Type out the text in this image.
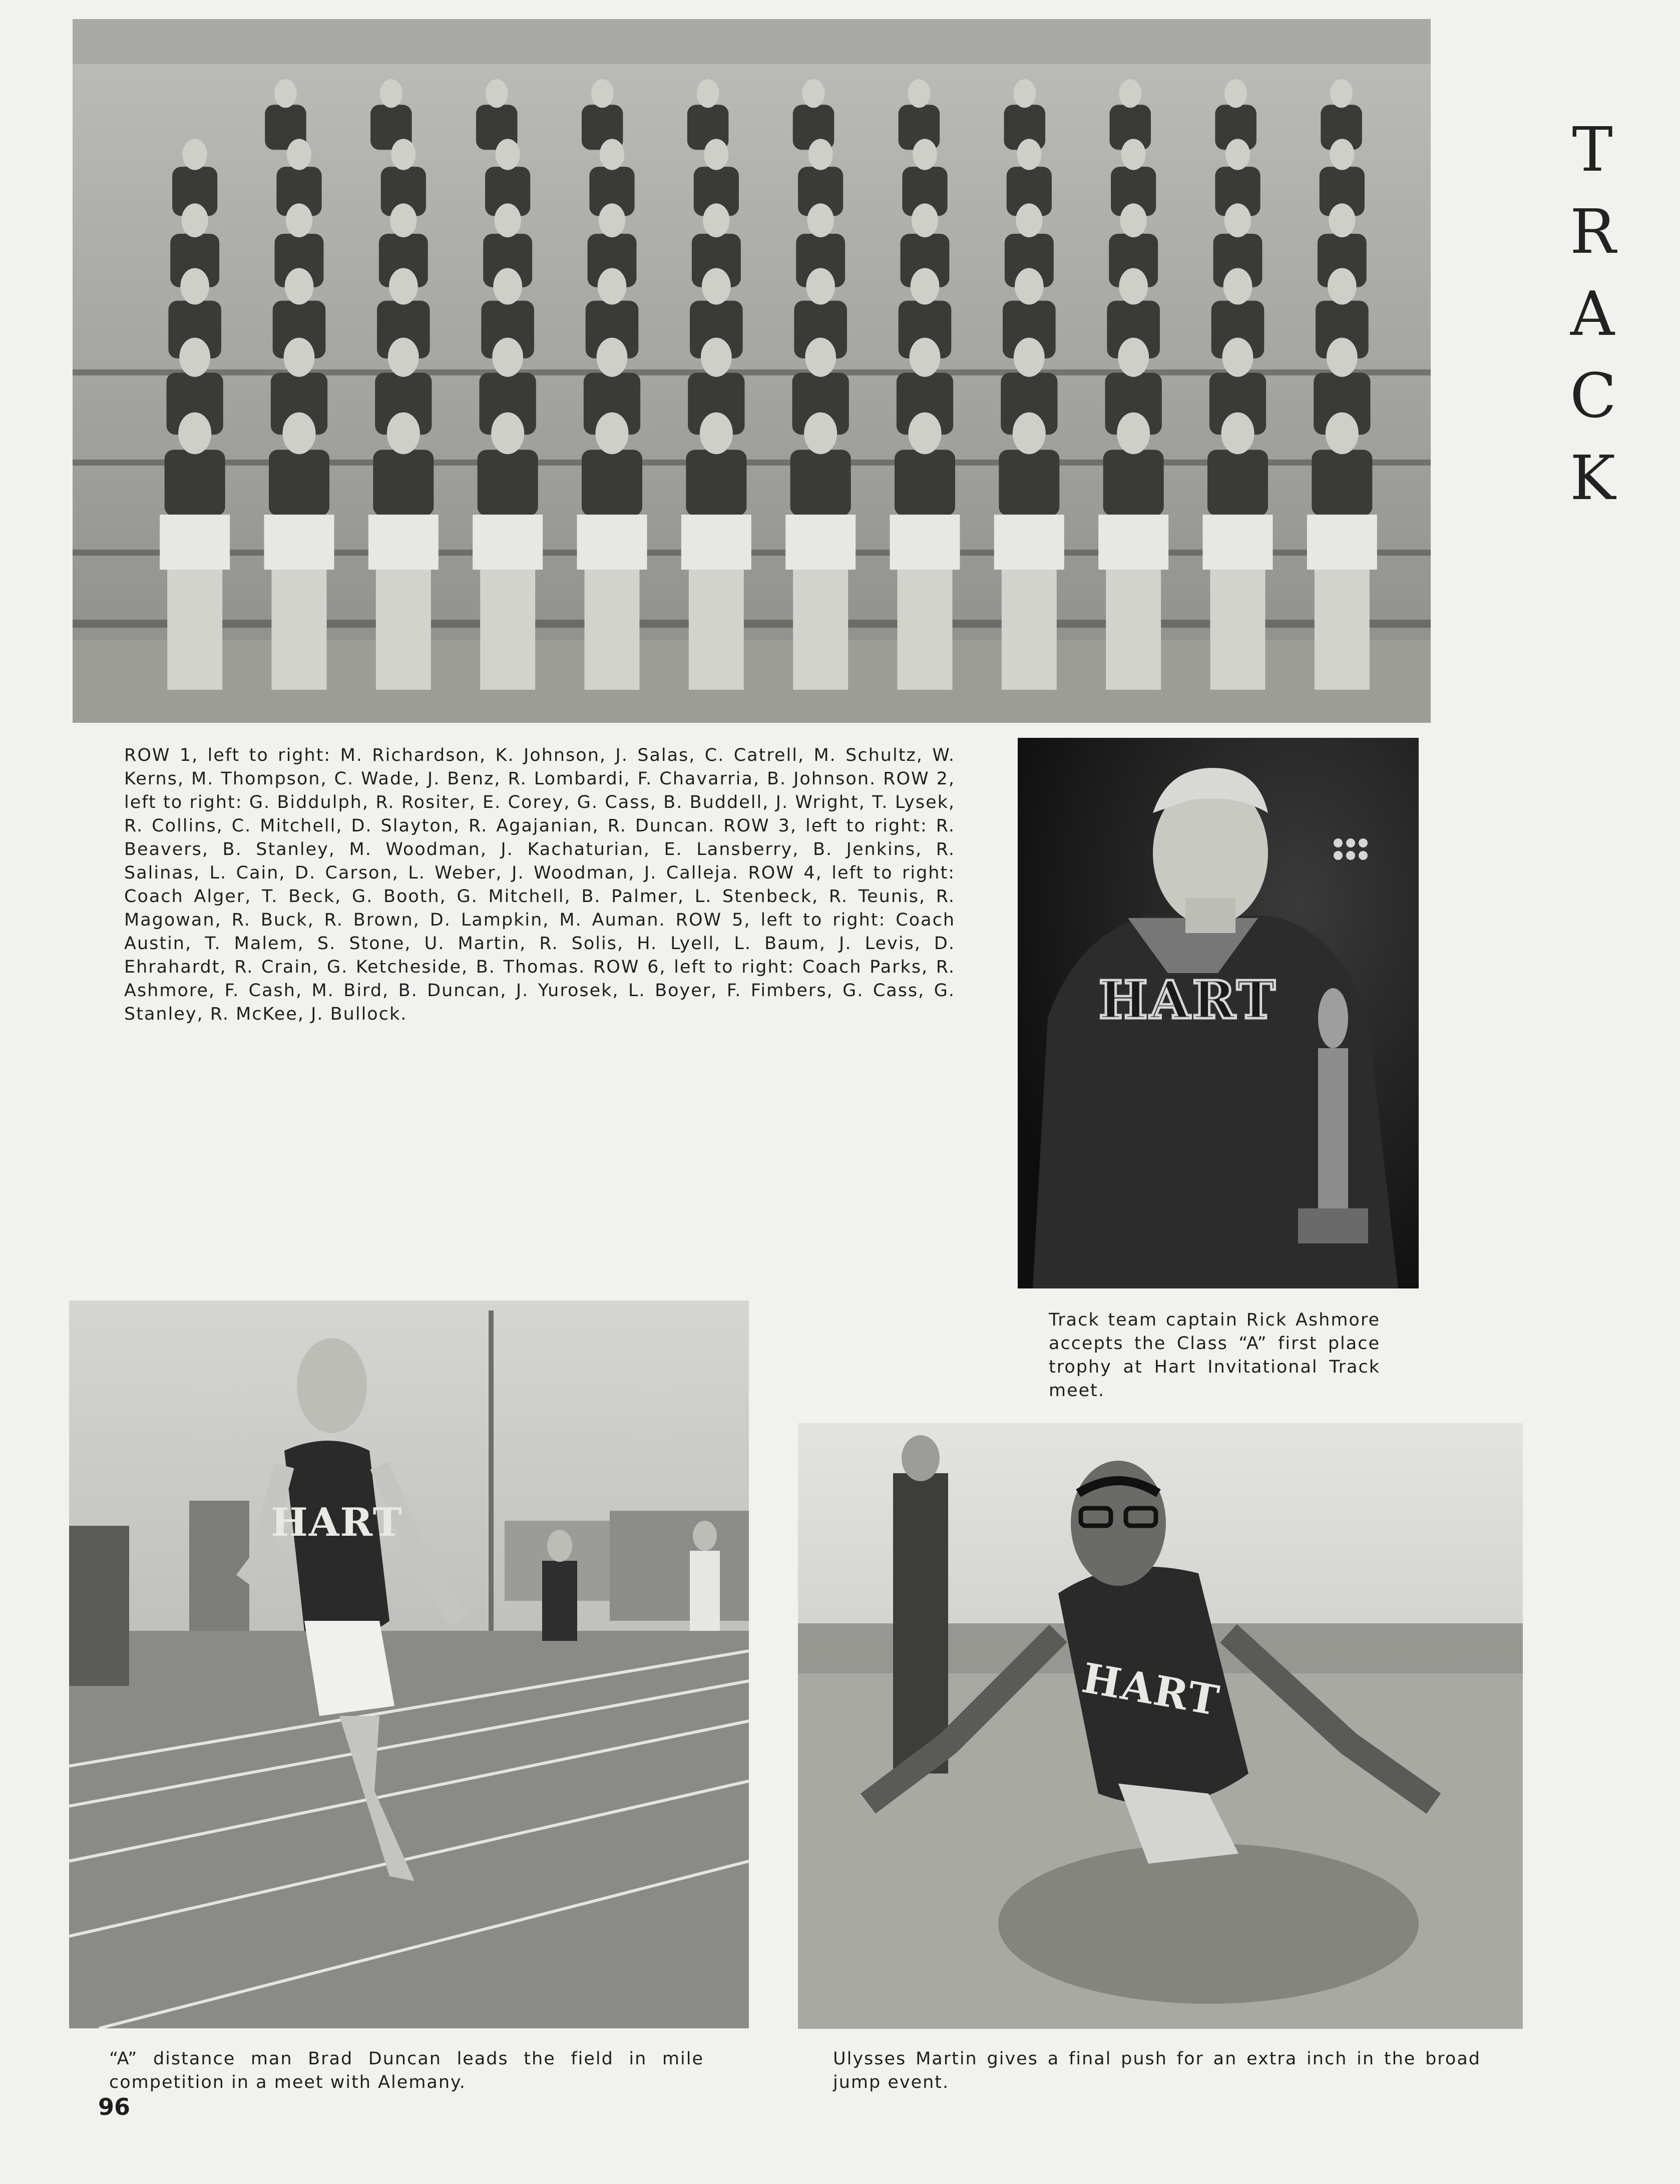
T
R
A
C
K
ROW 1, left to right: M. Richardson, K. Johnson, J. Salas, C. Catrell, M. Schultz, W. Kerns, M. Thompson, C. Wade, J. Benz, R. Lombardi, F. Chavarria, B. Johnson. ROW 2, left to right: G. Biddulph, R. Rositer, E. Corey, G. Cass, B. Buddell, J. Wright, T. Lysek, R. Collins, C. Mitchell, D. Slayton, R. Agajanian, R. Duncan. ROW 3, left to right: R. Beavers, B. Stanley, M. Woodman, J. Kachaturian, E. Lansberry, B. Jenkins, R. Salinas, L. Cain, D. Carson, L. Weber, J. Woodman, J. Calleja. ROW 4, left to right: Coach Alger, T. Beck, G. Booth, G. Mitchell, B. Palmer, L. Stenbeck, R. Teunis, R. Magowan, R. Buck, R. Brown, D. Lampkin, M. Auman. ROW 5, left to right: Coach Austin, T. Malem, S. Stone, U. Martin, R. Solis, H. Lyell, L. Baum, J. Levis, D. Ehrahardt, R. Crain, G. Ketcheside, B. Thomas. ROW 6, left to right: Coach Parks, R. Ashmore, F. Cash, M. Bird, B. Duncan, J. Yurosek, L. Boyer, F. Fimbers, G. Cass, G. Stanley, R. McKee, J. Bullock.	HART
Track team captain Rick Ashmore accepts the Class “A” first place trophy at Hart Invitational Track meet.
HART
“A” distance man Brad Duncan leads the field in mile competition in a meet with Alemany.
HART
Ulysses Martin gives a final push for an extra inch in the broad jump event.
96
